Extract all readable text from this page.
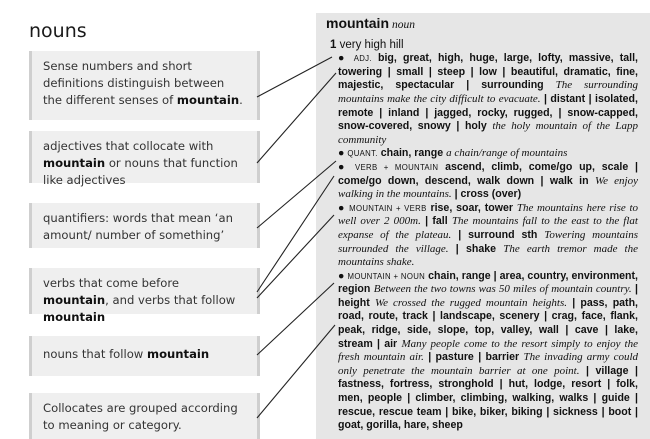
nouns
Sense numbers and short definitions distinguish between the different senses of mountain.
adjectives that collocate with mountain or nouns that function like adjectives
quantifiers: words that mean ‘an amount/ number of something’
verbs that come before mountain, and verbs that follow mountain
nouns that follow mountain
Collocates are grouped according to meaning or category.
mountain noun
1 very high hill
● ADJ. big, great, high, huge, large, lofty, massive, tall, towering | small | steep | low | beautiful, dramatic, fine, majestic, spectacular | surrounding The surrounding mountains make the city difficult to evacuate. | distant | isolated, remote | inland | jagged, rocky, rugged, | snow-capped, snow-covered, snowy | holy the holy mountain of the Lapp community
● QUANT. chain, range a chain/range of mountains
● VERB + MOUNTAIN ascend, climb, come/go up, scale | come/go down, descend, walk down | walk in We enjoy walking in the mountains. | cross (over)
● MOUNTAIN + VERB rise, soar, tower The mountains here rise to well over 2 000m. | fall The mountains fall to the east to the flat expanse of the plateau. | surround sth Towering mountains surrounded the village. | shake The earth tremor made the mountains shake.
● MOUNTAIN + NOUN chain, range | area, country, environment, region Between the two towns was 50 miles of mountain country. | height We crossed the rugged mountain heights. | pass, path, road, route, track | landscape, scenery | crag, face, flank, peak, ridge, side, slope, top, valley, wall | cave | lake, stream | air Many people come to the resort simply to enjoy the fresh mountain air. | pasture | barrier The invading army could only penetrate the mountain barrier at one point. | village | fastness, fortress, stronghold | hut, lodge, resort | folk, men, people | climber, climbing, walking, walks | guide | rescue, rescue team | bike, biker, biking | sickness | boot | goat, gorilla, hare, sheep
